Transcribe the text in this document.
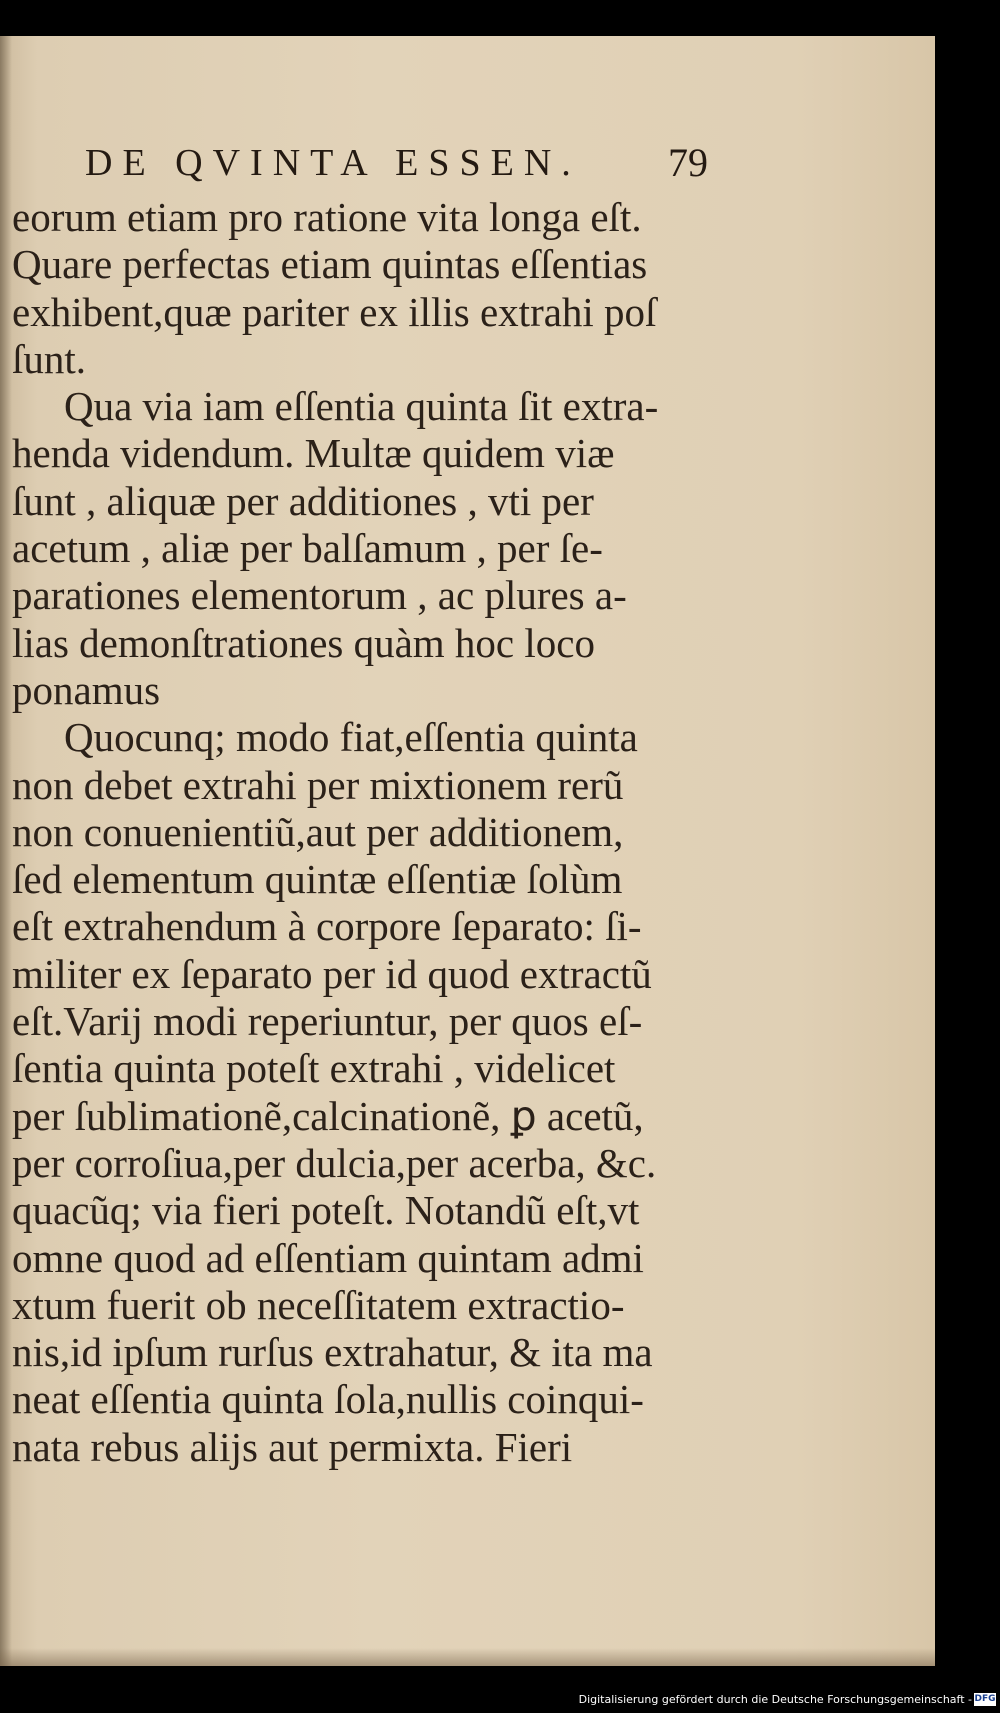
DE QVINTA ESSEN.	79
eorum etiam pro ratione vita longa eſt.
Quare perfectas etiam quintas eſſentias
exhibent,quæ pariter ex illis extrahi poſ
ſunt.
Qua via iam eſſentia quinta ſit extra-
henda videndum. Multæ quidem viæ
ſunt , aliquæ per additiones , vti per
acetum , aliæ per balſamum , per ſe-
parationes elementorum , ac plures a-
lias demonſtrationes quàm hoc loco
ponamus
Quocunq; modo fiat,eſſentia quinta
non debet extrahi per mixtionem rerũ
non conuenientiũ,aut per additionem,
ſed elementum quintæ eſſentiæ ſolùm
eſt extrahendum à corpore ſeparato: ſi-
militer ex ſeparato per id quod extractũ
eſt.Varij modi reperiuntur, per quos eſ-
ſentia quinta poteſt extrahi , videlicet
per ſublimationẽ,calcinationẽ, ꝑ acetũ,
per corroſiua,per dulcia,per acerba, &c.
quacũq; via fieri poteſt. Notandũ eſt,vt
omne quod ad eſſentiam quintam admi
xtum fuerit ob neceſſitatem extractio-
nis,id ipſum rurſus extrahatur, & ita ma
neat eſſentia quinta ſola,nullis coinqui-
nata rebus alijs aut permixta. Fieri
Digitalisierung gefördert durch die Deutsche Forschungsgemeinschaft - DFG
